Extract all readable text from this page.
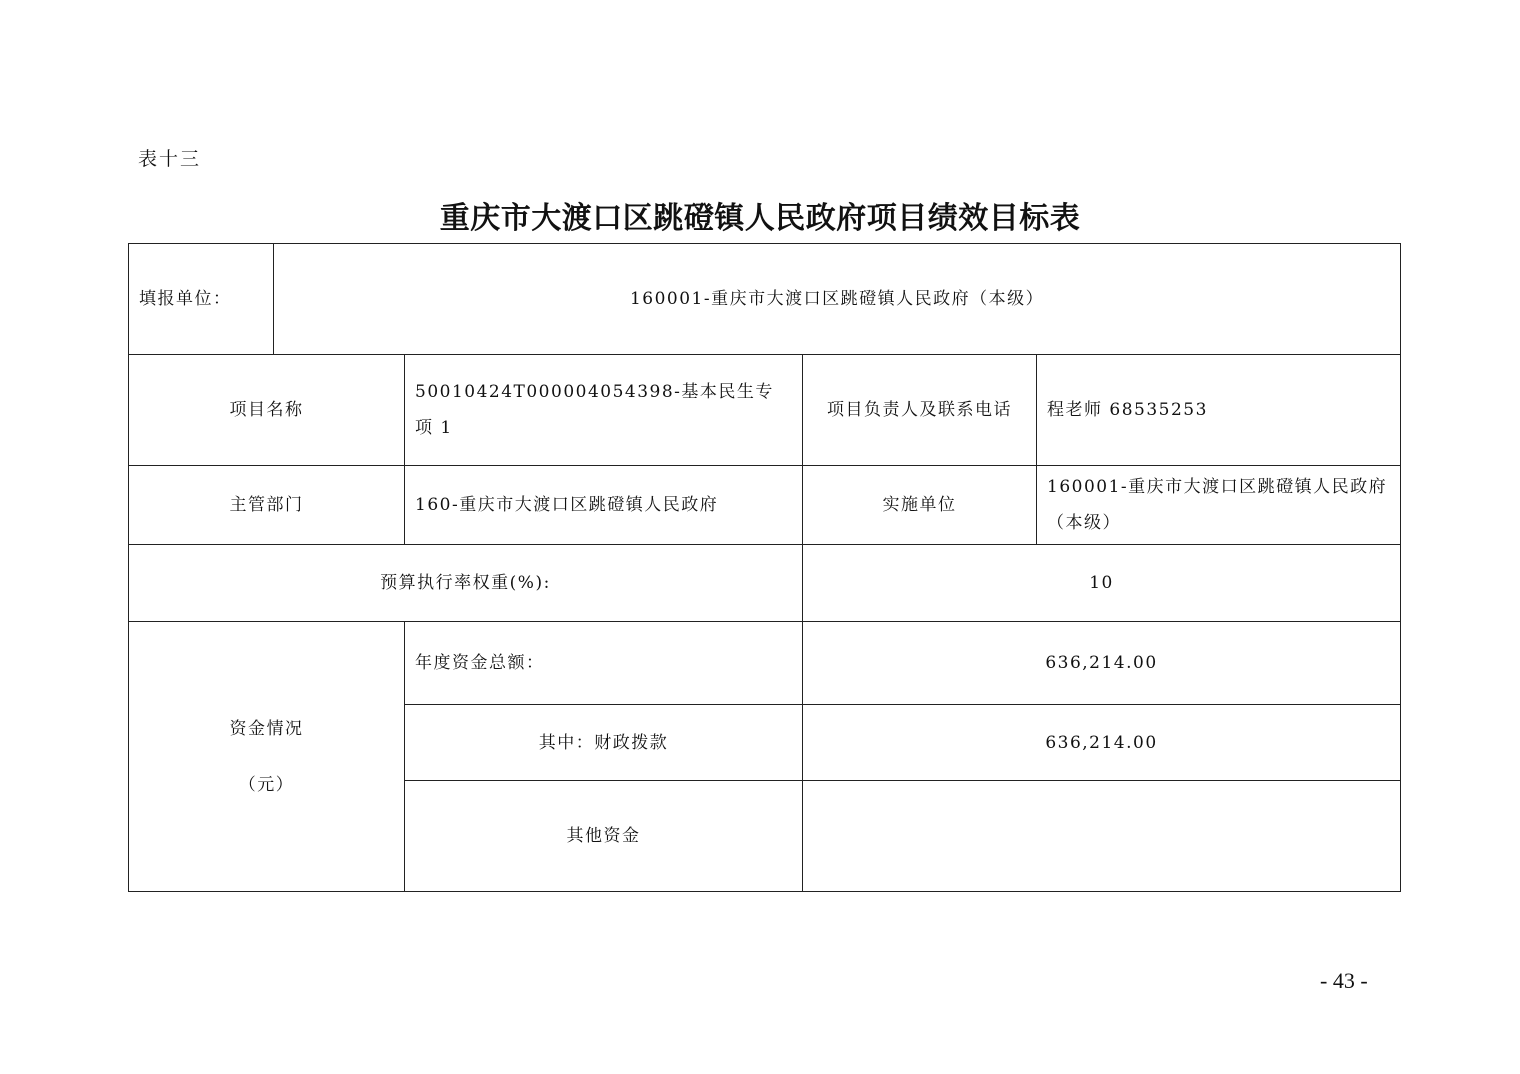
表十三
重庆市大渡口区跳磴镇人民政府项目绩效目标表
填报单位：	160001-重庆市大渡口区跳磴镇人民政府（本级）			
项目名称		50010424T000004054398-基本民生专项 1	项目负责人及联系电话	程老师 68535253
主管部门		160-重庆市大渡口区跳磴镇人民政府	实施单位	160001-重庆市大渡口区跳磴镇人民政府（本级）
预算执行率权重(%):			10	

资金情况
（元）		年度资金总额：	636,214.00	
		其中：财政拨款	636,214.00	
		其他资金		
- 43 -
